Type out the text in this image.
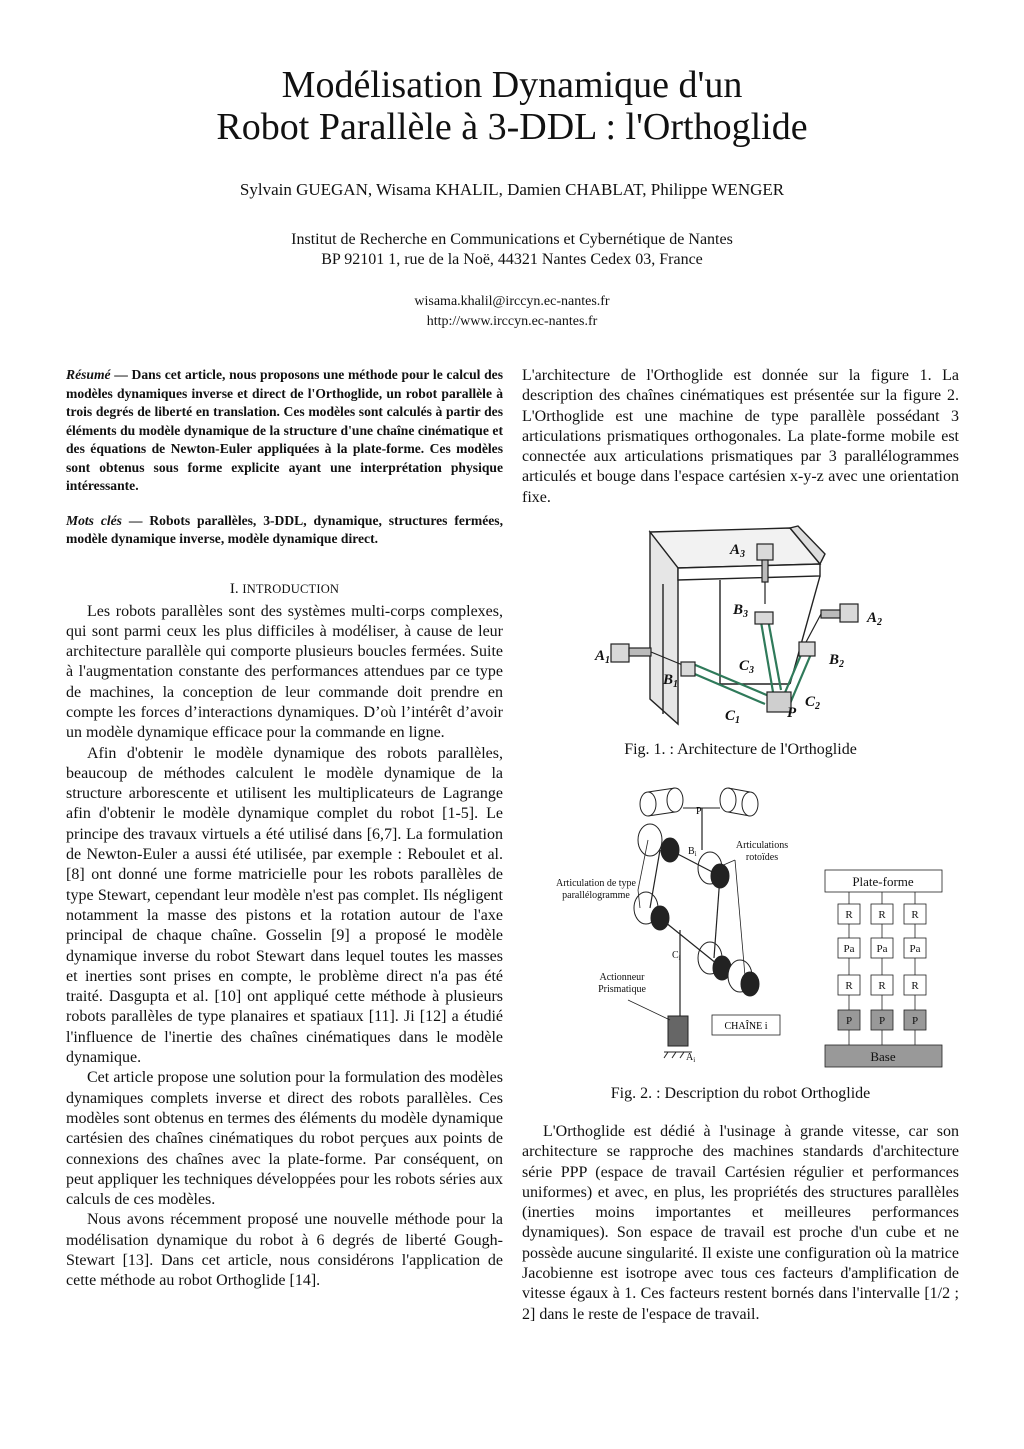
Modélisation Dynamique d'un
Robot Parallèle à 3-DDL : l'Orthoglide
Sylvain GUEGAN, Wisama KHALIL, Damien CHABLAT, Philippe WENGER
Institut de Recherche en Communications et Cybernétique de Nantes
BP 92101 1, rue de la Noë, 44321 Nantes Cedex 03, France
wisama.khalil@irccyn.ec-nantes.fr
http://www.irccyn.ec-nantes.fr

Résumé — Dans cet article, nous proposons une méthode pour le calcul des modèles dynamiques inverse et direct de l'Orthoglide, un robot parallèle à trois degrés de liberté en translation. Ces modèles sont calculés à partir des éléments du modèle dynamique de la structure d'une chaîne cinématique et des équations de Newton-Euler appliquées à la plate-forme. Ces modèles sont obtenus sous forme explicite ayant une interprétation physique intéressante.

Mots clés — Robots parallèles, 3-DDL, dynamique, structures fermées, modèle dynamique inverse, modèle dynamique direct.

I. INTRODUCTION

Les robots parallèles sont des systèmes multi-corps complexes, qui sont parmi ceux les plus difficiles à modéliser, à cause de leur architecture parallèle qui comporte plusieurs boucles fermées. Suite à l'augmentation constante des performances attendues par ce type de machines, la conception de leur commande doit prendre en compte les forces d’interactions dynamiques. D’où l’intérêt d’avoir un modèle dynamique efficace pour la commande en ligne.

Afin d'obtenir le modèle dynamique des robots parallèles, beaucoup de méthodes calculent le modèle dynamique de la structure arborescente et utilisent les multiplicateurs de Lagrange afin d'obtenir le modèle dynamique complet du robot [1-5]. Le principe des travaux virtuels a été utilisé dans [6,7]. La formulation de Newton-Euler a aussi été utilisée, par exemple : Reboulet et al. [8] ont donné une forme matricielle pour les robots parallèles de type Stewart, cependant leur modèle n'est pas complet. Ils négligent notamment la masse des pistons et la rotation autour de l'axe principal de chaque chaîne. Gosselin [9] a proposé le modèle dynamique inverse du robot Stewart dans lequel toutes les masses et inerties sont prises en compte, le problème direct n'a pas été traité. Dasgupta et al. [10] ont appliqué cette méthode à plusieurs robots parallèles de type planaires et spatiaux [11]. Ji [12] a étudié l'influence de l'inertie des chaînes cinématiques dans le modèle dynamique.

Cet article propose une solution pour la formulation des modèles dynamiques complets inverse et direct des robots parallèles. Ces modèles sont obtenus en termes des éléments du modèle dynamique cartésien des chaînes cinématiques du robot perçues aux points de connexions des chaînes avec la plate-forme. Par conséquent, on peut appliquer les techniques développées pour les robots séries aux calculs de ces modèles.

Nous avons récemment proposé une nouvelle méthode pour la modélisation dynamique du robot à 6 degrés de liberté Gough-Stewart [13]. Dans cet article, nous considérons l'application de cette méthode au robot Orthoglide [14].

L'architecture de l'Orthoglide est donnée sur la figure 1. La description des chaînes cinématiques est présentée sur la figure 2. L'Orthoglide est une machine de type parallèle possédant 3 articulations prismatiques orthogonales. La plate-forme mobile est connectée aux articulations prismatiques par 3 parallélogrammes articulés et bouge dans l'espace cartésien x-y-z avec une orientation fixe.

$A_3$
$A_2$
$A_1$
$B_3$
$B_2$
$B_1$
$C_3$
$C_2$
$C_1$	P
Fig. 1. : Architecture de l'Orthoglide
P
$B_i$
$C_i$
$A_i$
Articulations
rotoïdes
Articulation de type
parallélogramme
Actionneur
Prismatique
CHAÎNE i
Plate-forme
R R R
Pa Pa Pa
R R R
P P P
Base
Fig. 2. : Description du robot Orthoglide

L'Orthoglide est dédié à l'usinage à grande vitesse, car son architecture se rapproche des machines standards d'architecture série PPP (espace de travail Cartésien régulier et performances uniformes) et avec, en plus, les propriétés des structures parallèles (inerties moins importantes et meilleures performances dynamiques). Son espace de travail est proche d'un cube et ne possède aucune singularité. Il existe une configuration où la matrice Jacobienne est isotrope avec tous ces facteurs d'amplification de vitesse égaux à 1. Ces facteurs restent bornés dans l'intervalle [1/2 ; 2] dans le reste de l'espace de travail.
